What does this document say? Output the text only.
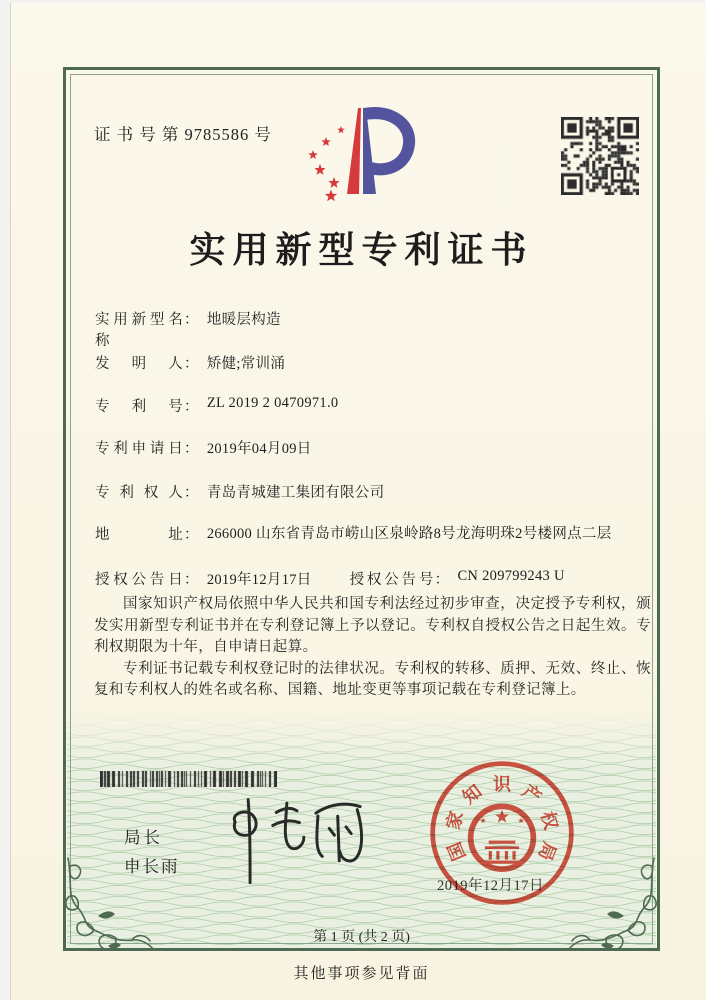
证 书 号 第 9785586 号
实用新型专利证书
实用新型名称
： 地暖层构造
发明人 ： 矫健;常训涌
专利号 ： ZL 2019 2 0470971.0
专利申请日 ： 2019年04月09日
专利权人 ： 青岛青城建工集团有限公司
地址 ： 266000 山东省青岛市崂山区泉岭路8号龙海明珠2号楼网点二层
授权公告日 ： 2019年12月17日	授权公告号 ： CN 209799243 U

国家知识产权局依照中华人民共和国专利法经过初步审查，决定授予专利权，颁发实用新型专利证书并在专利登记簿上予以登记。专利权自授权公告之日起生效。专利权期限为十年，自申请日起算。

专利证书记载专利权登记时的法律状况。专利权的转移、质押、无效、终止、恢复和专利权人的姓名或名称、国籍、地址变更等事项记载在专利登记簿上。

局长
申长雨
2019年12月17日
国
家
知 识 产
权
局
第 1 页 (共 2 页)
其他事项参见背面
